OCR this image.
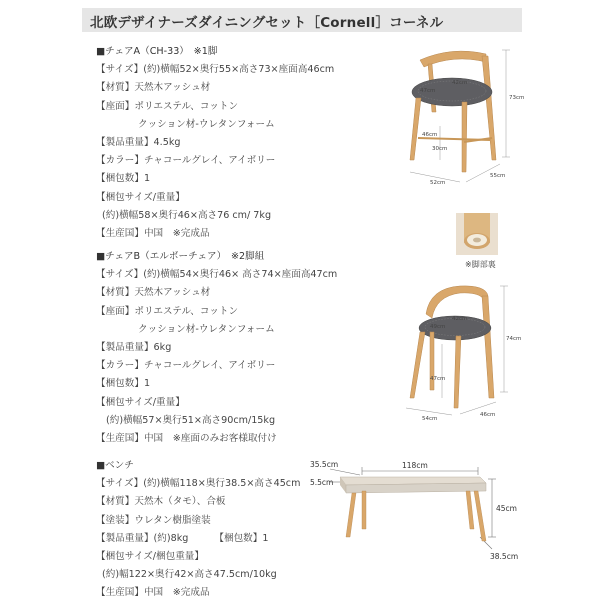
北欧デザイナーズダイニングセット［Cornell］コーネル
■チェアA（CH-33）　※1脚
【サイズ】(約)横幅52×奥行55×高さ73×座面高46cm
【材質】天然木アッシュ材
【座面】ポリエステル、コットン
クッション材-ウレタンフォーム
【製品重量】4.5kg
【カラー】チャコールグレイ、アイボリー
【梱包数】1
【梱包サイズ/重量】
(約)横幅58×奥行46×高さ76 cm/ 7kg
【生産国】中国　※完成品
■チェアB（エルボーチェア）　※2脚組
【サイズ】(約)横幅54×奥行46× 高さ74×座面高47cm
【材質】天然木アッシュ材
【座面】ポリエステル、コットン
クッション材-ウレタンフォーム
【製品重量】6kg
【カラー】チャコールグレイ、アイボリー
【梱包数】1
【梱包サイズ/重量】
(約)横幅57×奥行51×高さ90cm/15kg
【生産国】中国　※座面のみお客様取付け
■ベンチ
【サイズ】(約)横幅118×奥行38.5×高さ45cm
【材質】天然木（タモ）、合板
【塗装】ウレタン樹脂塗装
【製品重量】(約)8kg	【梱包数】1
【梱包サイズ/梱包重量】
(約)幅122×奥行42×高さ47.5cm/10kg
【生産国】中国　※完成品
42cm
47cm
46cm
30cm
73cm
52cm
55cm
※脚部裏
42cm
49cm
47cm
74cm
54cm
46cm
118cm
35.5cm
5.5cm
45cm
38.5cm
